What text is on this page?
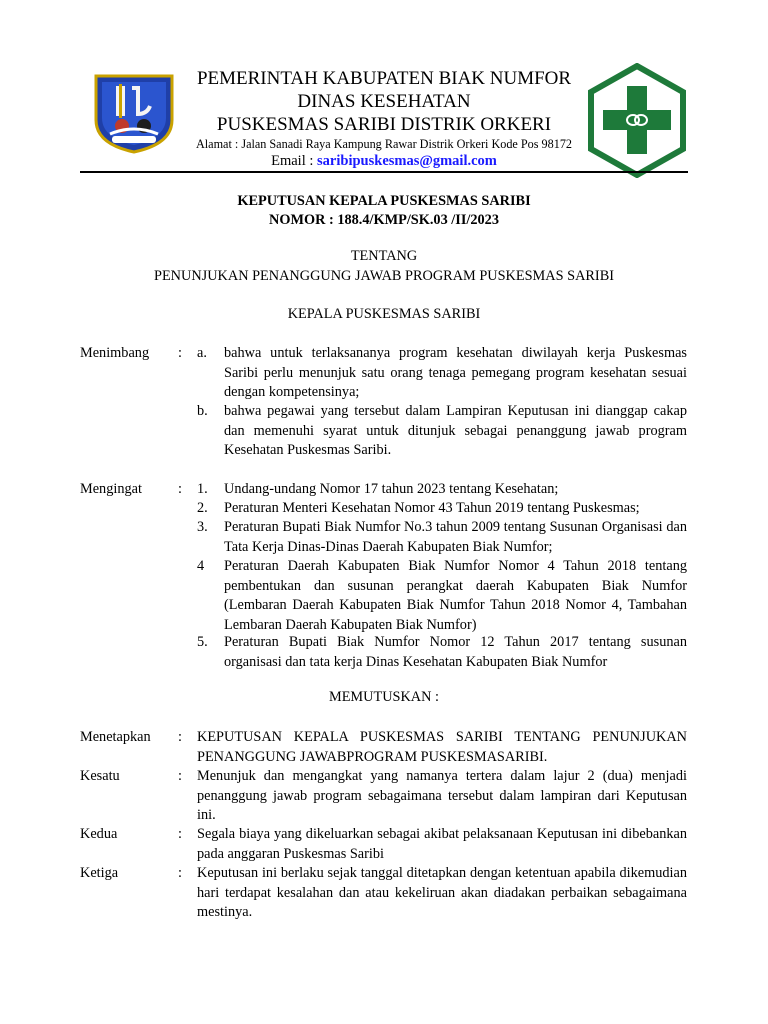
PEMERINTAH KABUPATEN BIAK NUMFOR
DINAS KESEHATAN
PUSKESMAS SARIBI DISTRIK ORKERI
Alamat : Jalan Sanadi Raya Kampung Rawar Distrik Orkeri Kode Pos 98172
Email : saribipuskesmas@gmail.com
KEPUTUSAN KEPALA PUSKESMAS SARIBI
NOMOR : 188.4/KMP/SK.03 /II/2023
TENTANG
PENUNJUKAN PENANGGUNG JAWAB PROGRAM PUSKESMAS SARIBI
KEPALA PUSKESMAS SARIBI
Menimbang : a. bahwa untuk terlaksananya program kesehatan diwilayah kerja Puskesmas Saribi perlu menunjuk satu orang tenaga pemegang program kesehatan sesuai dengan kompetensinya;
b. bahwa pegawai yang tersebut dalam Lampiran Keputusan ini dianggap cakap dan memenuhi syarat untuk ditunjuk sebagai penanggung jawab program Kesehatan Puskesmas Saribi.
Mengingat	: 1. Undang-undang Nomor 17 tahun 2023 tentang Kesehatan;
2. Peraturan Menteri Kesehatan Nomor 43 Tahun 2019 tentang Puskesmas;
3. Peraturan Bupati Biak Numfor No.3 tahun 2009 tentang Susunan Organisasi dan Tata Kerja Dinas-Dinas Daerah Kabupaten Biak Numfor;
4 Peraturan Daerah Kabupaten Biak Numfor Nomor 4 Tahun 2018 tentang pembentukan dan susunan perangkat daerah Kabupaten Biak Numfor (Lembaran Daerah Kabupaten Biak Numfor Tahun 2018 Nomor 4, Tambahan Lembaran Daerah Kabupaten Biak Numfor)
5. Peraturan Bupati Biak Numfor Nomor 12 Tahun 2017 tentang susunan organisasi dan tata kerja Dinas Kesehatan Kabupaten Biak Numfor
MEMUTUSKAN :
Menetapkan : KEPUTUSAN KEPALA PUSKESMAS SARIBI TENTANG PENUNJUKAN PENANGGUNG JAWABPROGRAM PUSKESMASARIBI.
Kesatu	: Menunjuk dan mengangkat yang namanya tertera dalam lajur 2 (dua) menjadi penanggung jawab program sebagaimana tersebut dalam lampiran dari Keputusan ini.
Kedua	: Segala biaya yang dikeluarkan sebagai akibat pelaksanaan Keputusan ini dibebankan pada anggaran Puskesmas Saribi
Ketiga	: Keputusan ini berlaku sejak tanggal ditetapkan dengan ketentuan apabila dikemudian hari terdapat kesalahan dan atau kekeliruan akan diadakan perbaikan sebagaimana mestinya.
